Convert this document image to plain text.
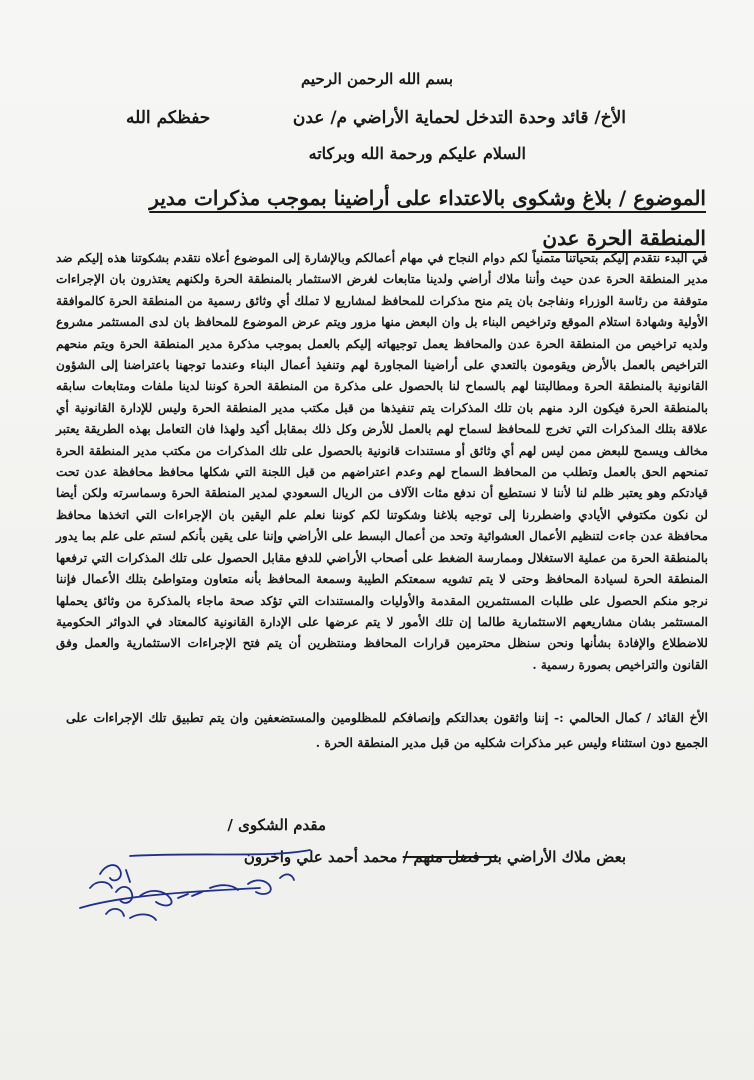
بسم الله الرحمن الرحيم
الأخ/ قائد وحدة التدخل لحماية الأراضي م/ عدن
حفظكم الله
السلام عليكم ورحمة الله وبركاته
الموضوع / بلاغ وشكوى بالاعتداء على أراضينا بموجب مذكرات مدير
المنطقة الحرة عدن

في البدء نتقدم إليكم بتحياتنا متمنياً لكم دوام النجاح في مهام أعمالكم وبالإشارة إلى الموضوع أعلاه نتقدم بشكوتنا هذه إليكم ضد مدير المنطقة الحرة عدن حيث وأننا ملاك أراضي ولدينا متابعات لغرض الاستثمار بالمنطقة الحرة ولكنهم يعتذرون بان الإجراءات متوقفة من رئاسة الوزراء ونفاجئ بان يتم منح مذكرات للمحافظ لمشاريع لا تملك أي وثائق رسمية من المنطقة الحرة كالموافقة الأولية وشهادة استلام الموقع وتراخيص البناء بل وان البعض منها مزور ويتم عرض الموضوع للمحافظ بان لدى المستثمر مشروع ولديه تراخيص من المنطقة الحرة عدن والمحافظ يعمل توجيهاته إليكم بالعمل بموجب مذكرة مدير المنطقة الحرة ويتم منحهم التراخيص بالعمل بالأرض ويقومون بالتعدي على أراضينا المجاورة لهم وتنفيذ أعمال البناء وعندما توجهنا باعتراضنا إلى الشؤون القانونية بالمنطقة الحرة ومطالبتنا لهم بالسماح لنا بالحصول على مذكرة من المنطقة الحرة كوننا لدينا ملفات ومتابعات سابقه بالمنطقة الحرة فيكون الرد منهم بان تلك المذكرات يتم تنفيذها من قبل مكتب مدير المنطقة الحرة وليس للإدارة القانونية أي علاقة بتلك المذكرات التي تخرج للمحافظ لسماح لهم بالعمل للأرض وكل ذلك بمقابل أكيد ولهذا فان التعامل بهذه الطريقة يعتبر مخالف ويسمح للبعض ممن ليس لهم أي وثائق أو مستندات قانونية بالحصول على تلك المذكرات من مكتب مدير المنطقة الحرة تمنحهم الحق بالعمل وتطلب من المحافظ السماح لهم وعدم اعتراضهم من قبل اللجنة التي شكلها محافظ محافظة عدن تحت قيادتكم وهو يعتبر ظلم لنا لأننا لا نستطيع أن ندفع مئات الآلاف من الريال السعودي لمدير المنطقة الحرة وسماسرته ولكن أيضا لن نكون مكتوفي الأيادي واضطررنا إلى توجيه بلاغنا وشكوتنا لكم كوننا نعلم علم اليقين بان الإجراءات التي اتخذها محافظ محافظة عدن جاءت لتنظيم الأعمال العشوائية وتحد من أعمال البسط على الأراضي وإننا على يقين بأنكم لستم على علم بما يدور بالمنطقة الحرة من عملية الاستغلال وممارسة الضغط على أصحاب الأراضي للدفع مقابل الحصول على تلك المذكرات التي ترفعها المنطقة الحرة لسيادة المحافظ وحتى لا يتم تشويه سمعتكم الطيبة وسمعة المحافظ بأنه متعاون ومتواطئ بتلك الأعمال فإننا نرجو منكم الحصول على طلبات المستثمرين المقدمة والأوليات والمستندات التي تؤكد صحة ماجاء بالمذكرة من وثائق يحملها المستثمر بشان مشاريعهم الاستثمارية طالما إن تلك الأمور لا يتم عرضها على الإدارة القانونية كالمعتاد في الدوائر الحكومية للاضطلاع والإفادة بشأنها ونحن سنظل محترمين قرارات المحافظ ومنتظرين أن يتم فتح الإجراءات الاستثمارية والعمل وفق القانون والتراخيص بصورة رسمية .

الأخ القائد / كمال الحالمي :- إننا واثقون بعدالتكم وإنصافكم للمظلومين والمستضعفين وان يتم تطبيق تلك الإجراءات على الجميع دون استثناء وليس عبر مذكرات شكليه من قبل مدير المنطقة الحرة .

مقدم الشكوى /
بعض ملاك الأراضي بنر فضل منهم / محمد أحمد علي واخرون
